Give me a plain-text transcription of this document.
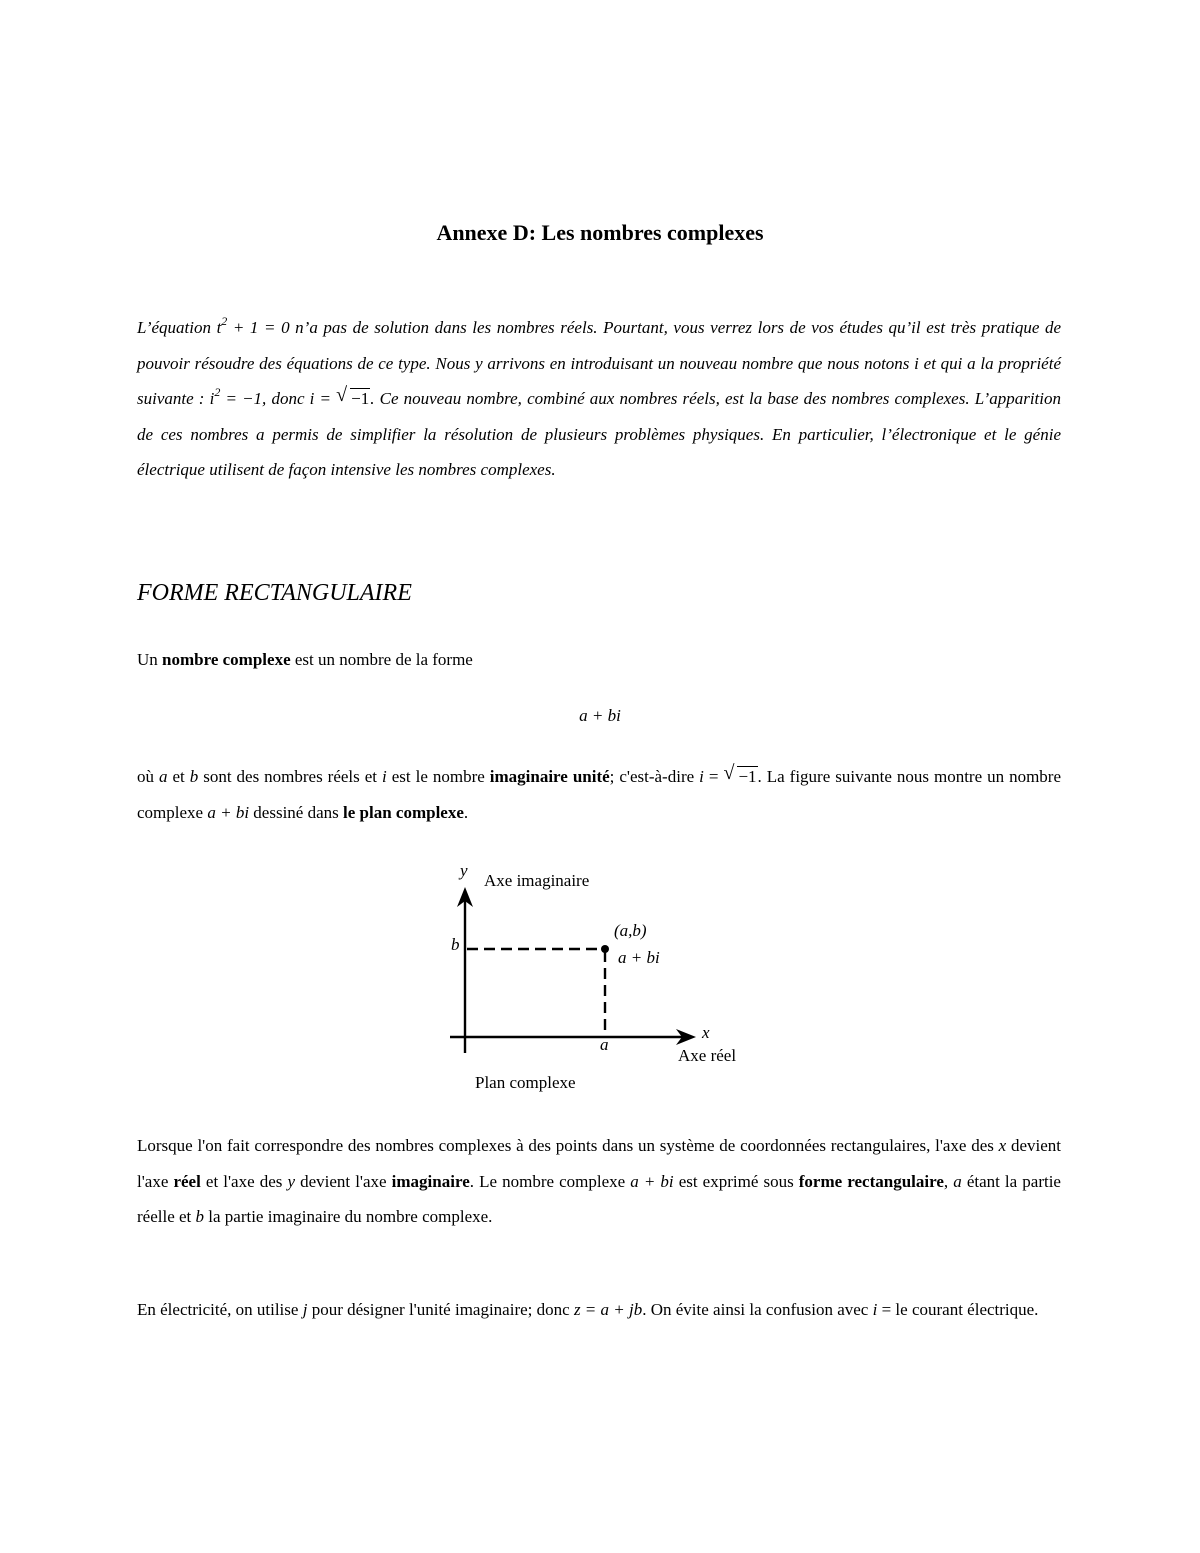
Annexe D: Les nombres complexes
L’équation $t^2 + 1 = 0$ n’a pas de solution dans les nombres réels. Pourtant, vous verrez lors de vos études qu’il est très pratique de pouvoir résoudre des équations de ce type. Nous y arrivons en introduisant un nouveau nombre que nous notons i et qui a la propriété suivante : $i^2 = -1$, donc i = √ −1. Ce nouveau nombre, combiné aux nombres réels, est la base des nombres complexes. L’apparition de ces nombres a permis de simplifier la résolution de plusieurs problèmes physiques. En particulier, l’électronique et le génie électrique utilisent de façon intensive les nombres complexes.
FORME RECTANGULAIRE
Un nombre complexe est un nombre de la forme
a + bi
où a et b sont des nombres réels et i est le nombre imaginaire unité; c'est-à-dire i = √ −1. La figure suivante nous montre un nombre complexe a + bi dessiné dans le plan complexe.
y
Axe imaginaire
b
(a,b)
a + bi
x
a
Axe réel
Plan complexe
Lorsque l'on fait correspondre des nombres complexes à des points dans un système de coordonnées rectangulaires, l'axe des x devient l'axe réel et l'axe des y devient l'axe imaginaire. Le nombre complexe a + bi est exprimé sous forme rectangulaire, a étant la partie réelle et b la partie imaginaire du nombre complexe.
En électricité, on utilise j pour désigner l'unité imaginaire; donc z = a + jb. On évite ainsi la confusion avec i = le courant électrique.
